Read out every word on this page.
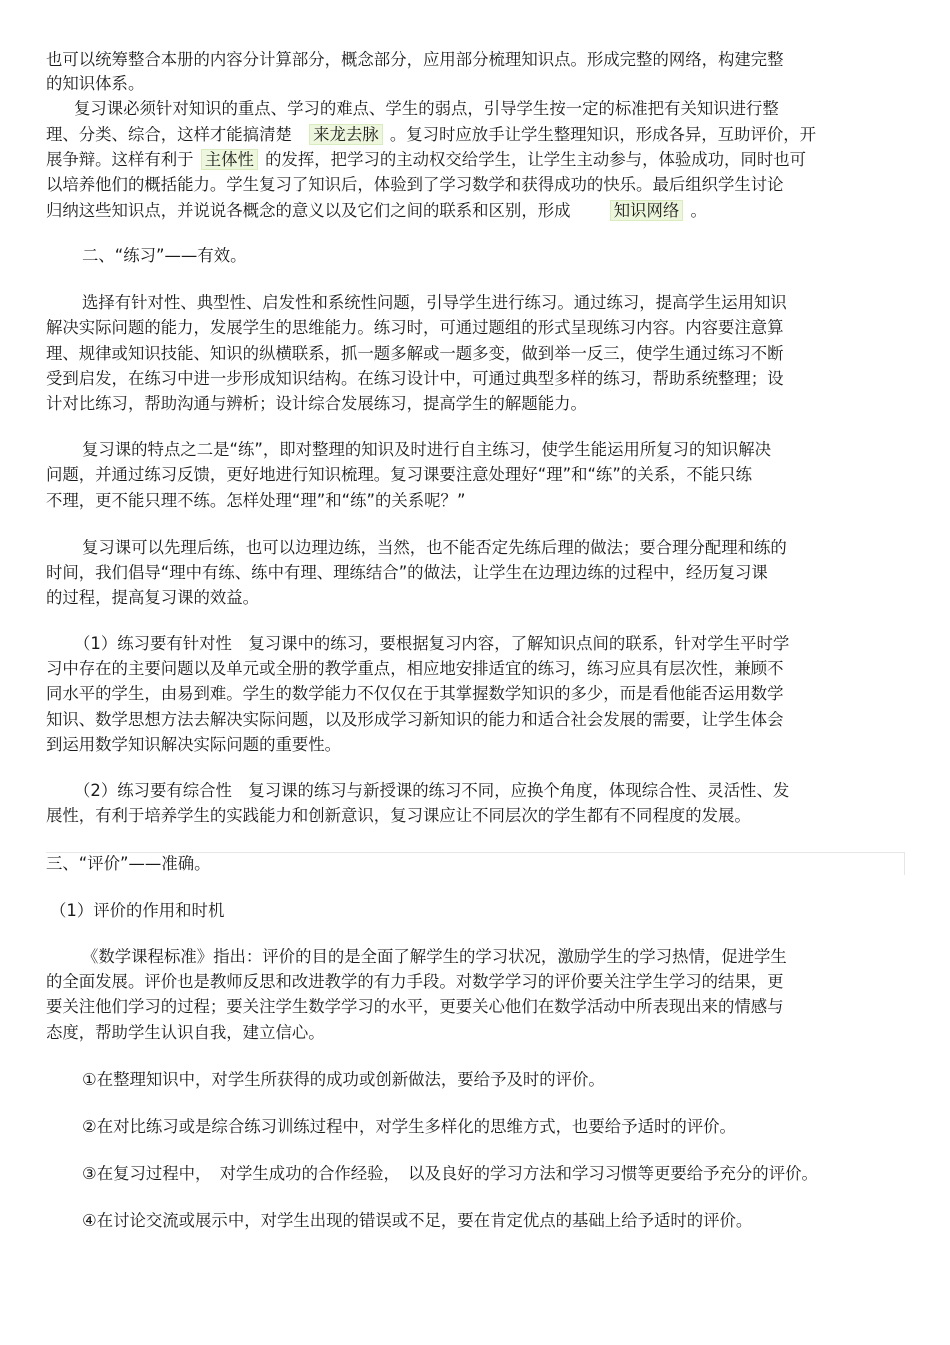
也可以统筹整合本册的内容分计算部分，概念部分，应用部分梳理知识点。形成完整的网络，构建完整
的知识体系。
复习课必须针对知识的重点、学习的难点、学生的弱点，引导学生按一定的标准把有关知识进行整
理、分类、综合，这样才能搞清楚 来龙去脉 。复习时应放手让学生整理知识，形成各异，互助评价，开
展争辩。这样有利于 主体性 的发挥，把学习的主动权交给学生，让学生主动参与，体验成功，同时也可
以培养他们的概括能力。学生复习了知识后，体验到了学习数学和获得成功的快乐。最后组织学生讨论
归纳这些知识点，并说说各概念的意义以及它们之间的联系和区别，形成	知识网络 。
二、“练习”——有效。
选择有针对性、典型性、启发性和系统性问题，引导学生进行练习。通过练习，提高学生运用知识
解决实际问题的能力，发展学生的思维能力。练习时，可通过题组的形式呈现练习内容。内容要注意算
理、规律或知识技能、知识的纵横联系，抓一题多解或一题多变，做到举一反三，使学生通过练习不断
受到启发，在练习中进一步形成知识结构。在练习设计中，可通过典型多样的练习，帮助系统整理；设
计对比练习，帮助沟通与辨析；设计综合发展练习，提高学生的解题能力。
复习课的特点之二是“练”，即对整理的知识及时进行自主练习，使学生能运用所复习的知识解决
问题，并通过练习反馈，更好地进行知识梳理。复习课要注意处理好“理”和“练”的关系，不能只练
不理，更不能只理不练。怎样处理“理”和“练”的关系呢？”
复习课可以先理后练，也可以边理边练，当然，也不能否定先练后理的做法；要合理分配理和练的
时间，我们倡导“理中有练、练中有理、理练结合”的做法，让学生在边理边练的过程中，经历复习课
的过程，提高复习课的效益。
（1）练习要有针对性　复习课中的练习，要根据复习内容，了解知识点间的联系，针对学生平时学
习中存在的主要问题以及单元或全册的教学重点，相应地安排适宜的练习，练习应具有层次性，兼顾不
同水平的学生，由易到难。学生的数学能力不仅仅在于其掌握数学知识的多少，而是看他能否运用数学
知识、数学思想方法去解决实际问题，以及形成学习新知识的能力和适合社会发展的需要，让学生体会
到运用数学知识解决实际问题的重要性。
（2）练习要有综合性　复习课的练习与新授课的练习不同，应换个角度，体现综合性、灵活性、发
展性，有利于培养学生的实践能力和创新意识，复习课应让不同层次的学生都有不同程度的发展。
三、“评价”——准确。
（1）评价的作用和时机
《数学课程标准》指出：评价的目的是全面了解学生的学习状况，激励学生的学习热情，促进学生
的全面发展。评价也是教师反思和改进教学的有力手段。对数学学习的评价要关注学生学习的结果，更
要关注他们学习的过程；要关注学生数学学习的水平，更要关心他们在数学活动中所表现出来的情感与
态度，帮助学生认识自我，建立信心。
①在整理知识中，对学生所获得的成功或创新做法，要给予及时的评价。
②在对比练习或是综合练习训练过程中，对学生多样化的思维方式，也要给予适时的评价。
③在复习过程中，　对学生成功的合作经验，　以及良好的学习方法和学习习惯等更要给予充分的评价。
④在讨论交流或展示中，对学生出现的错误或不足，要在肯定优点的基础上给予适时的评价。
